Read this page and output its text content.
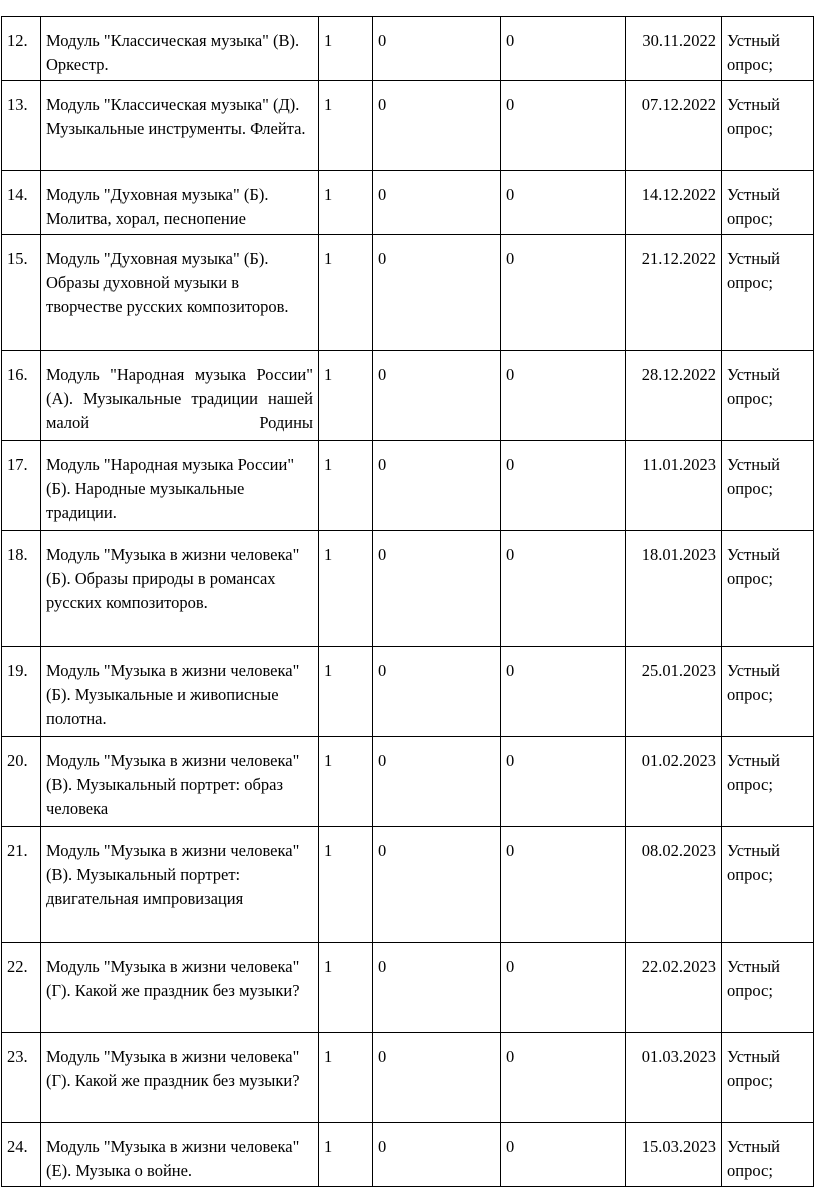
12.	Модуль "Классическая музыка" (В). Оркестр.	1	0	0	30.11.2022	Устный опрос;
13.	Модуль "Классическая музыка" (Д). Музыкальные инструменты. Флейта.	1	0	0	07.12.2022	Устный опрос;
14.	Модуль "Духовная музыка" (Б). Молитва, хорал, песнопение	1	0	0	14.12.2022	Устный опрос;
15.	Модуль "Духовная музыка" (Б). Образы духовной музыки в творчестве русских композиторов.	1	0	0	21.12.2022	Устный опрос;
16.	Модуль "Народная музыка России" (А). Музыкальные традиции нашей малой Родины	1	0	0	28.12.2022	Устный опрос;
17.	Модуль "Народная музыка России" (Б). Народные музыкальные традиции.	1	0	0	11.01.2023	Устный опрос;
18.	Модуль "Музыка в жизни человека" (Б). Образы природы в романсах русских композиторов.	1	0	0	18.01.2023	Устный опрос;
19.	Модуль "Музыка в жизни человека" (Б). Музыкальные и живописные полотна.	1	0	0	25.01.2023	Устный опрос;
20.	Модуль "Музыка в жизни человека" (В). Музыкальный портрет: образ человека	1	0	0	01.02.2023	Устный опрос;
21.	Модуль "Музыка в жизни человека" (В). Музыкальный портрет: двигательная импровизация	1	0	0	08.02.2023	Устный опрос;
22.	Модуль "Музыка в жизни человека" (Г). Какой же праздник без музыки?	1	0	0	22.02.2023	Устный опрос;
23.	Модуль "Музыка в жизни человека" (Г). Какой же праздник без музыки?	1	0	0	01.03.2023	Устный опрос;
24.	Модуль "Музыка в жизни человека" (Е). Музыка о войне.	1	0	0	15.03.2023	Устный опрос;
